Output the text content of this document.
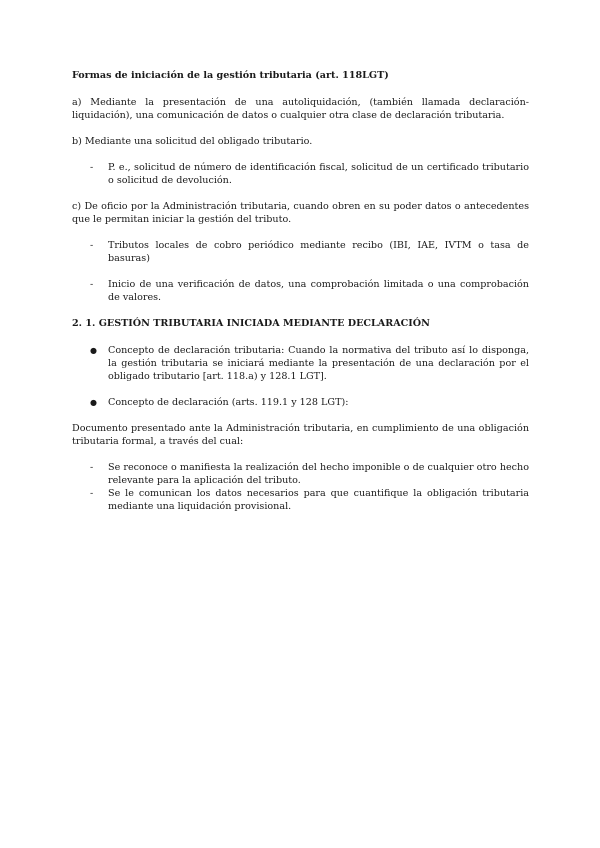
Formas de iniciación de la gestión tributaria (art. 118LGT)

a) Mediante la presentación de una autoliquidación, (también llamada declaración-liquidación), una comunicación de datos o cualquier otra clase de declaración tributaria.

b) Mediante una solicitud del obligado tributario.

- P. e., solicitud de número de identificación fiscal, solicitud de un certificado tributario o solicitud de devolución.

c) De oficio por la Administración tributaria, cuando obren en su poder datos o antecedentes que le permitan iniciar la gestión del tributo.

- Tributos locales de cobro periódico mediante recibo (IBI, IAE, IVTM o tasa de basuras)
- Inicio de una verificación de datos, una comprobación limitada o una comprobación de valores.

2. 1. GESTIÓN TRIBUTARIA INICIADA MEDIANTE DECLARACIÓN

● Concepto de declaración tributaria: Cuando la normativa del tributo así lo disponga, la gestión tributaria se iniciará mediante la presentación de una declaración por el obligado tributario [art. 118.a) y 128.1 LGT].
● Concepto de declaración (arts. 119.1 y 128 LGT):

Documento presentado ante la Administración tributaria, en cumplimiento de una obligación tributaria formal, a través del cual:

- Se reconoce o manifiesta la realización del hecho imponible o de cualquier otro hecho relevante para la aplicación del tributo.
- Se le comunican los datos necesarios para que cuantifique la obligación tributaria mediante una liquidación provisional.
